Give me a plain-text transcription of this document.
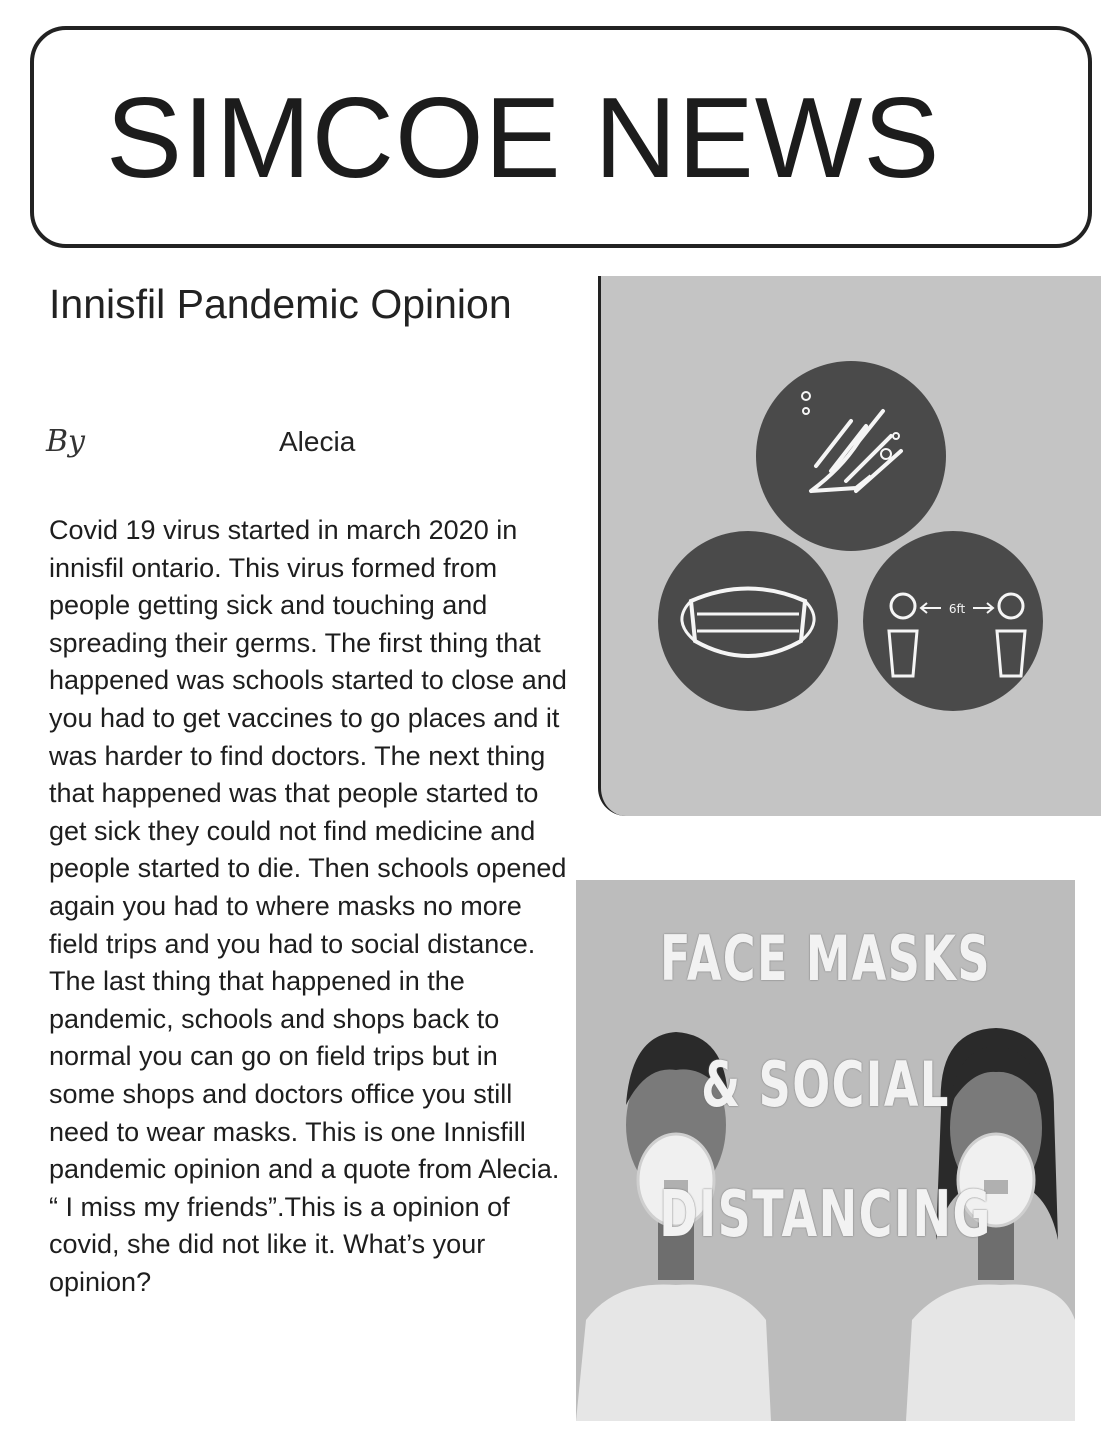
SIMCOE NEWS
Innisfil Pandemic Opinion
By	Alecia

Covid 19 virus started in march 2020 in innisfil ontario. This virus formed from people getting sick and touching and spreading their germs. The first thing that happened was schools started to close and you had to get vaccines to go places and it was harder to find doctors. The next thing that happened was that people started to get sick they could not find medicine and people started to die. Then schools opened again you had to where masks no more field trips and you had to social distance. The last thing that happened in the pandemic, schools and shops back to normal you can go on field trips but in some shops and doctors office you still need to wear masks. This is one Innisfill pandemic opinion and a quote from Alecia. “ I miss my friends”.This is a opinion of covid, she did not like it. What’s your opinion?

6ft
FACE MASKS
& SOCIAL
DISTANCING
